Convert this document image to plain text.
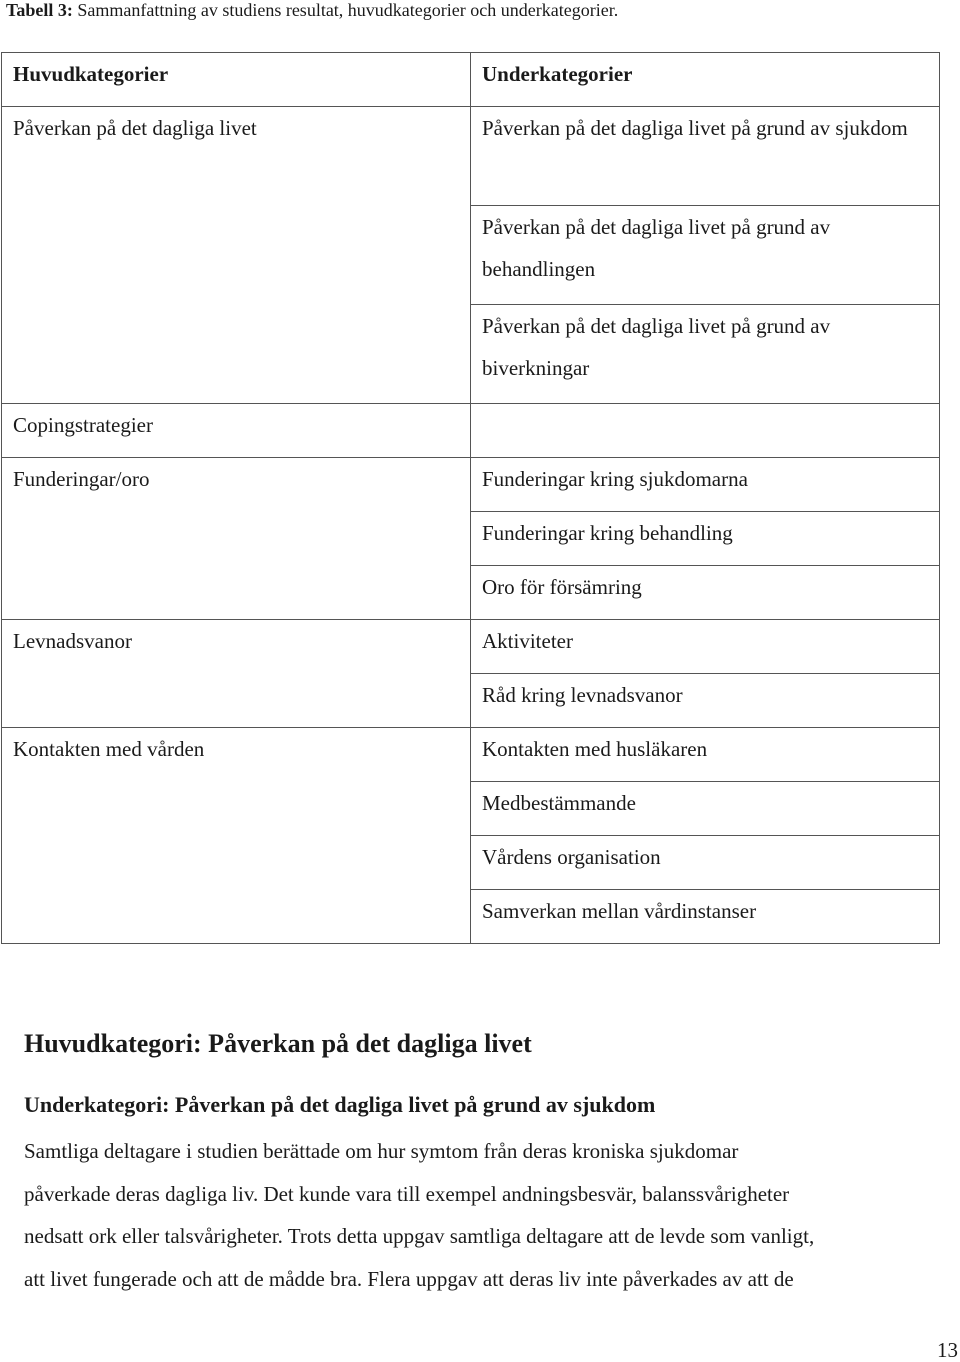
Tabell 3: Sammanfattning av studiens resultat, huvudkategorier och underkategorier.
Huvudkategorier	Underkategorier
Påverkan på det dagliga livet	Påverkan på det dagliga livet på grund av sjukdom
	Påverkan på det dagliga livet på grund av behandlingen
	Påverkan på det dagliga livet på grund av biverkningar
Copingstrategier	
Funderingar/oro	Funderingar kring sjukdomarna
	Funderingar kring behandling
	Oro för försämring
Levnadsvanor	Aktiviteter
	Råd kring levnadsvanor
Kontakten med vården	Kontakten med husläkaren
	Medbestämmande
	Vårdens organisation
	Samverkan mellan vårdinstanser
Huvudkategori: Påverkan på det dagliga livet
Underkategori: Påverkan på det dagliga livet på grund av sjukdom
Samtliga deltagare i studien berättade om hur symtom från deras kroniska sjukdomar
påverkade deras dagliga liv. Det kunde vara till exempel andningsbesvär, balanssvårigheter
nedsatt ork eller talsvårigheter. Trots detta uppgav samtliga deltagare att de levde som vanligt,
att livet fungerade och att de mådde bra. Flera uppgav att deras liv inte påverkades av att de
13
